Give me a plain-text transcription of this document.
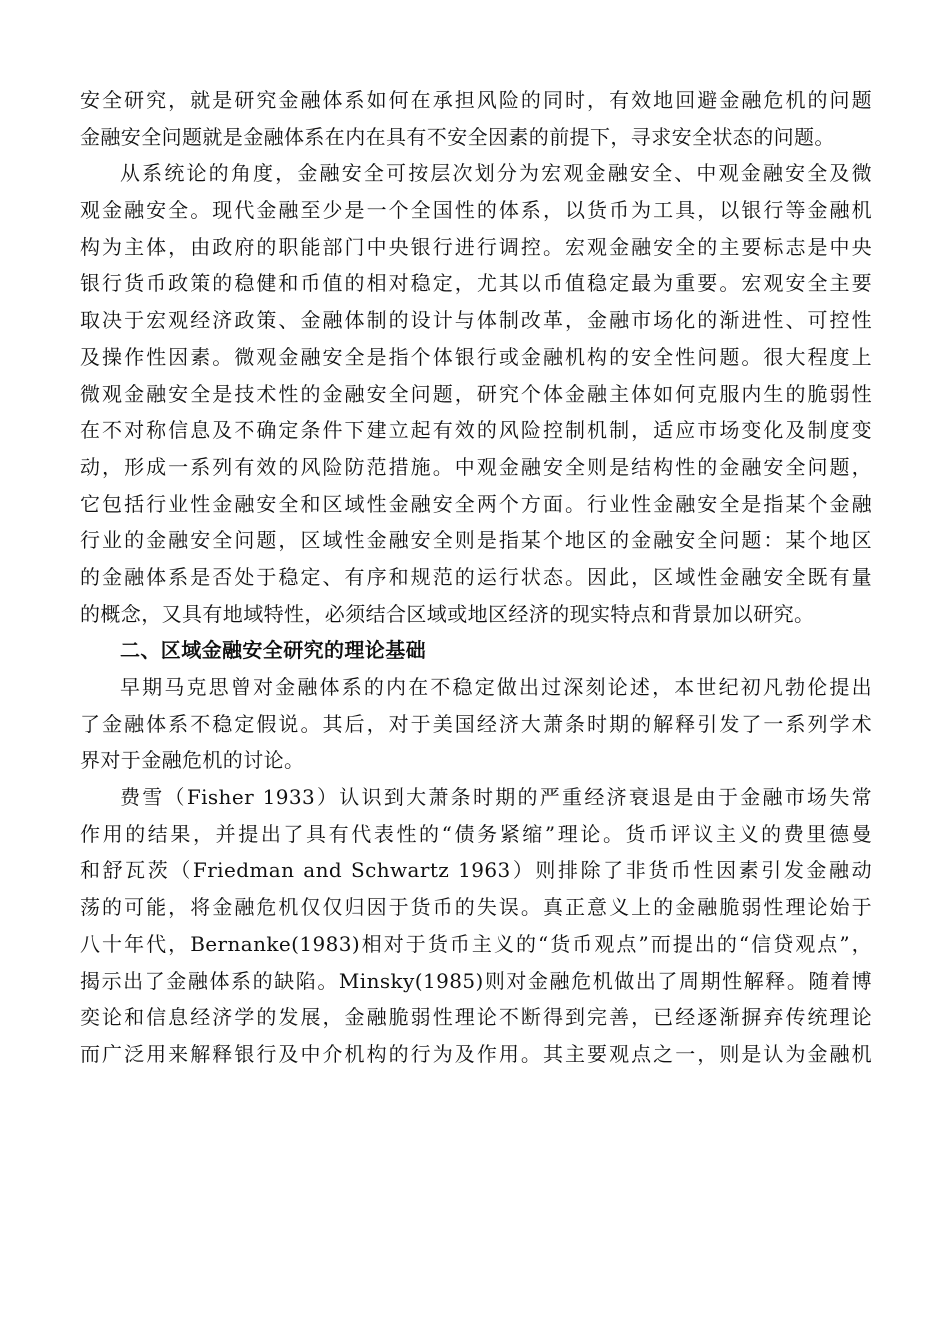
安全研究，就是研究金融体系如何在承担风险的同时，有效地回避金融危机的问题
金融安全问题就是金融体系在内在具有不安全因素的前提下，寻求安全状态的问题。
从系统论的角度，金融安全可按层次划分为宏观金融安全、中观金融安全及微
观金融安全。现代金融至少是一个全国性的体系，以货币为工具，以银行等金融机
构为主体，由政府的职能部门中央银行进行调控。宏观金融安全的主要标志是中央
银行货币政策的稳健和币值的相对稳定，尤其以币值稳定最为重要。宏观安全主要
取决于宏观经济政策、金融体制的设计与体制改革，金融市场化的渐进性、可控性
及操作性因素。微观金融安全是指个体银行或金融机构的安全性问题。很大程度上
微观金融安全是技术性的金融安全问题，研究个体金融主体如何克服内生的脆弱性
在不对称信息及不确定条件下建立起有效的风险控制机制，适应市场变化及制度变
动，形成一系列有效的风险防范措施。中观金融安全则是结构性的金融安全问题，
它包括行业性金融安全和区域性金融安全两个方面。行业性金融安全是指某个金融
行业的金融安全问题，区域性金融安全则是指某个地区的金融安全问题：某个地区
的金融体系是否处于稳定、有序和规范的运行状态。因此，区域性金融安全既有量
的概念，又具有地域特性，必须结合区域或地区经济的现实特点和背景加以研究。
二、区域金融安全研究的理论基础
早期马克思曾对金融体系的内在不稳定做出过深刻论述，本世纪初凡勃伦提出
了金融体系不稳定假说。其后，对于美国经济大萧条时期的解释引发了一系列学术
界对于金融危机的讨论。
费雪（Fisher 1933）认识到大萧条时期的严重经济衰退是由于金融市场失常
作用的结果，并提出了具有代表性的“债务紧缩”理论。货币评议主义的费里德曼
和舒瓦茨（Friedman and Schwartz 1963）则排除了非货币性因素引发金融动
荡的可能，将金融危机仅仅归因于货币的失误。真正意义上的金融脆弱性理论始于
八十年代，Bernanke(1983)相对于货币主义的“货币观点”而提出的“信贷观点”，
揭示出了金融体系的缺陷。Minsky(1985)则对金融危机做出了周期性解释。随着博
奕论和信息经济学的发展，金融脆弱性理论不断得到完善，已经逐渐摒弃传统理论
而广泛用来解释银行及中介机构的行为及作用。其主要观点之一，则是认为金融机
